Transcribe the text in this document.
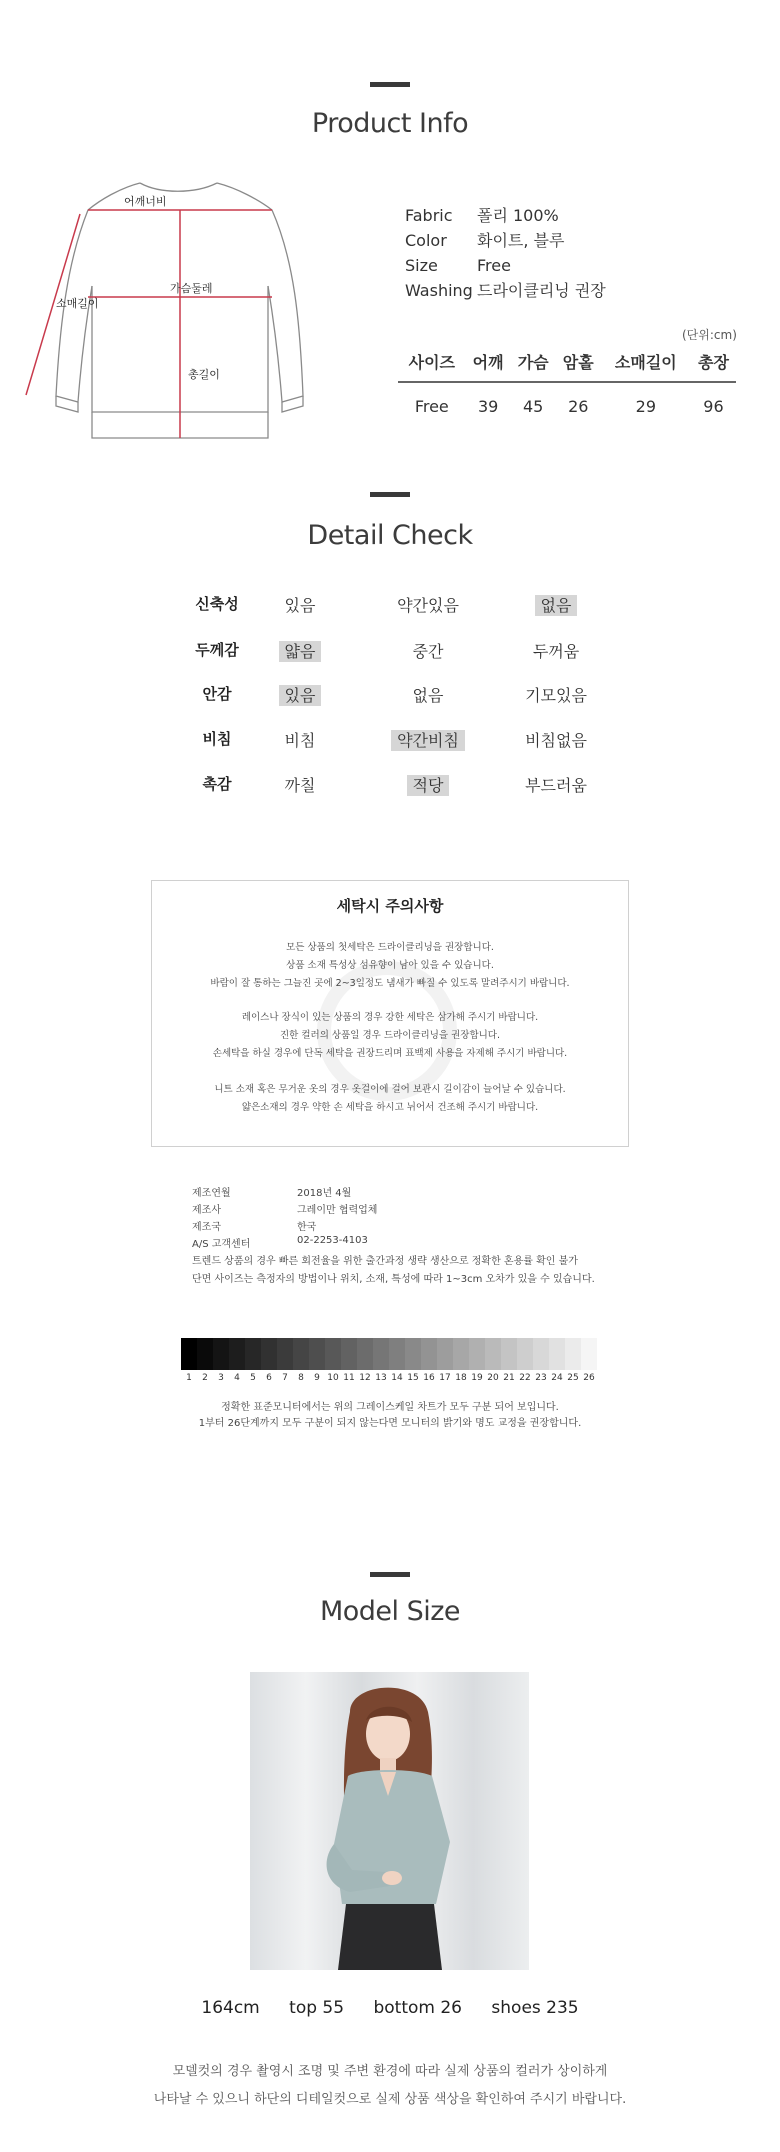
Product Info
어깨너비
가슴둘레
총길이
소매길이
Fabric 폴리 100%
Color 화이트, 블루
Size Free
Washing 드라이클리닝 권장
(단위:cm)
사이즈	어깨	가슴	암홀	소매길이	총장
Free	39	45	26	29	96
Detail Check
신축성	있음	약간있음	없음
두께감	얇음	중간	두꺼움
안감	있음	없음	기모있음
비침	비침	약간비침	비침없음
촉감	까칠	적당	부드러움
세탁시 주의사항
모든 상품의 첫세탁은 드라이클리닝을 권장합니다.
상품 소재 특성상 섬유향이 남아 있을 수 있습니다.
바람이 잘 통하는 그늘진 곳에 2~3일정도 냄새가 빠질 수 있도록 말려주시기 바랍니다.
레이스나 장식이 있는 상품의 경우 강한 세탁은 삼가해 주시기 바랍니다.
진한 컬러의 상품일 경우 드라이클리닝을 권장합니다.
손세탁을 하실 경우에 단독 세탁을 권장드리며 표백제 사용을 자제해 주시기 바랍니다.
니트 소재 혹은 무거운 옷의 경우 옷걸이에 걸어 보관시 길이감이 늘어날 수 있습니다.
얇은소재의 경우 약한 손 세탁을 하시고 뉘어서 건조해 주시기 바랍니다.
제조연월	2018년 4월
제조사	그레이만 협력업체
제조국	한국
A/S 고객센터	02-2253-4103
트렌드 상품의 경우 빠른 회전율을 위한 출간과정 생략 생산으로 정확한 혼용률 확인 불가
단면 사이즈는 측정자의 방법이나 위치, 소재, 특성에 따라 1~3cm 오차가 있을 수 있습니다.
1	2	3	4	5	6	7	8	9 10 11 12 13 14 15 16 17 18 19 20 21 22 23 24 25 26
정확한 표준모니터에서는 위의 그레이스케일 차트가 모두 구분 되어 보입니다.
1부터 26단계까지 모두 구분이 되지 않는다면 모니터의 밝기와 명도 교정을 권장합니다.
Model Size
164cm top 55 bottom 26 shoes 235
모델컷의 경우 촬영시 조명 및 주변 환경에 따라 실제 상품의 컬러가 상이하게
나타날 수 있으니 하단의 디테일컷으로 실제 상품 색상을 확인하여 주시기 바랍니다.
